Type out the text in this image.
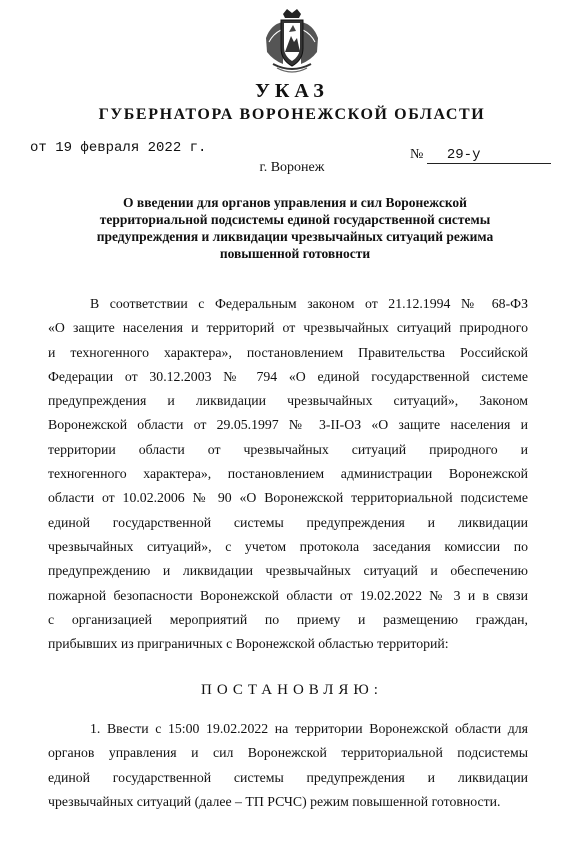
УКАЗ
ГУБЕРНАТОРА ВОРОНЕЖСКОЙ ОБЛАСТИ
от 19 февраля 2022 г.	№ 29-у
г. Воронеж
О введении для органов управления и сил Воронежской
территориальной подсистемы единой государственной системы
предупреждения и ликвидации чрезвычайных ситуаций режима
повышенной готовности
В соответствии с Федеральным законом от 21.12.1994 № 68-ФЗ
«О защите населения и территорий от чрезвычайных ситуаций природного
и техногенного характера», постановлением Правительства Российской
Федерации от 30.12.2003 № 794 «О единой государственной системе
предупреждения и ликвидации чрезвычайных ситуаций», Законом
Воронежской области от 29.05.1997 № 3-II-ОЗ «О защите населения и
территории области от чрезвычайных ситуаций природного и
техногенного характера», постановлением администрации Воронежской
области от 10.02.2006 № 90 «О Воронежской территориальной подсистеме
единой государственной системы предупреждения и ликвидации
чрезвычайных ситуаций», с учетом протокола заседания комиссии по
предупреждению и ликвидации чрезвычайных ситуаций и обеспечению
пожарной безопасности Воронежской области от 19.02.2022 № 3 и в связи
с организацией мероприятий по приему и размещению граждан,
прибывших из приграничных с Воронежской областью территорий:
ПОСТАНОВЛЯЮ:
1. Ввести с 15:00 19.02.2022 на территории Воронежской области для
органов управления и сил Воронежской территориальной подсистемы
единой государственной системы предупреждения и ликвидации
чрезвычайных ситуаций (далее – ТП РСЧС) режим повышенной готовности.
